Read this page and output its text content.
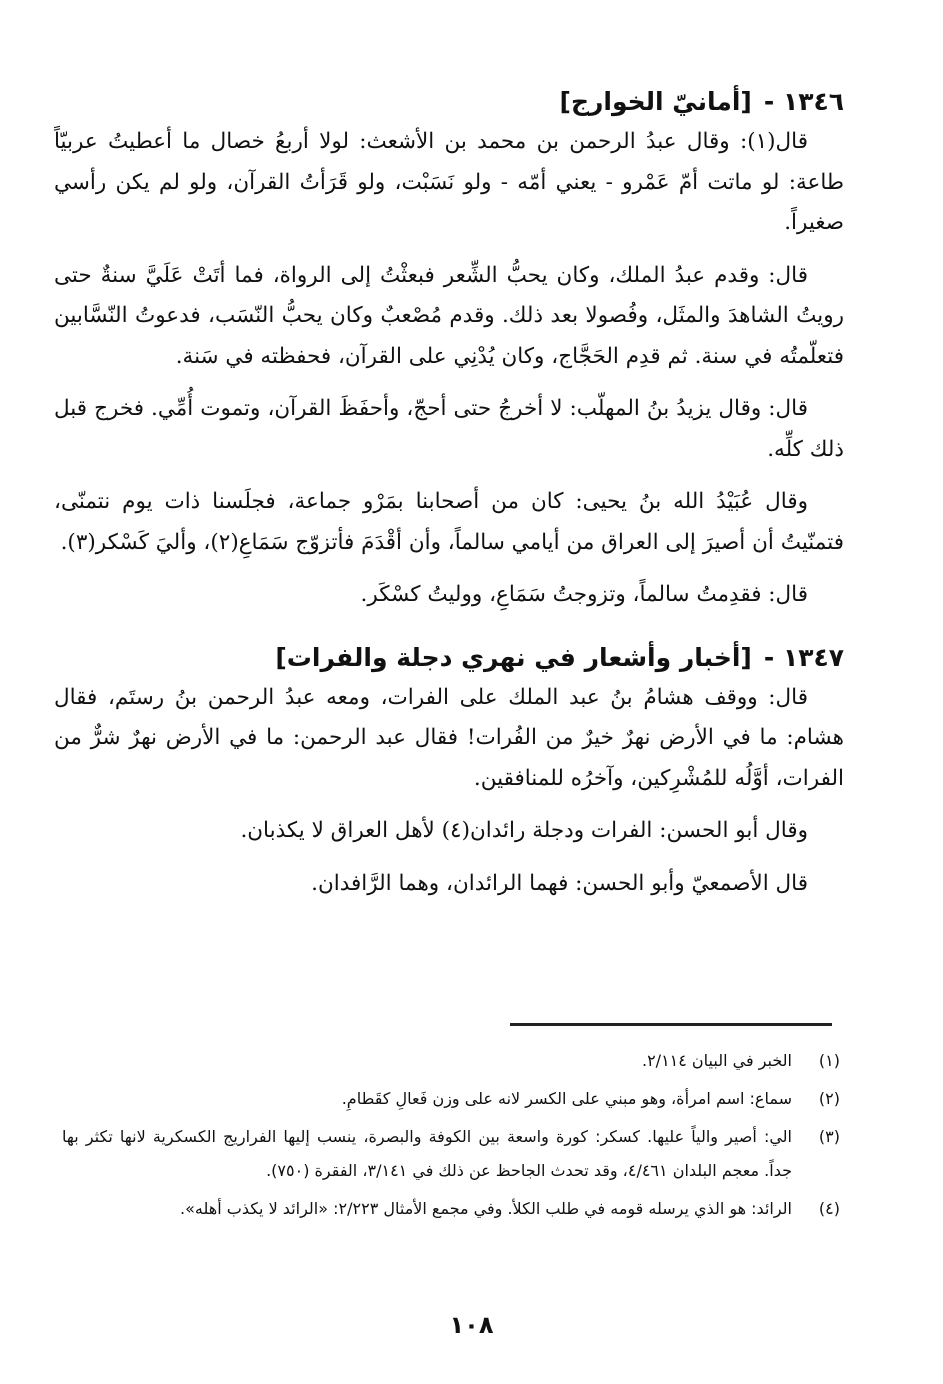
١٣٤٦ -[أمانيّ الخوارج]

قال(١): وقال عبدُ الرحمن بن محمد بن الأشعث: لولا أربعُ خصال ما أعطيتُ عربيّاً طاعة: لو ماتت أمّ عَمْرو - يعني أمّه - ولو نَسَبْت، ولو قَرَأتُ القرآن، ولو لم يكن رأسي صغيراً.

قال: وقدم عبدُ الملك، وكان يحبُّ الشِّعر فبعثْتُ إلى الرواة، فما أتَتْ عَلَيَّ سنةٌ حتى رويتُ الشاهدَ والمثَل، وفُصولا بعد ذلك. وقدم مُصْعبٌ وكان يحبُّ النّسَب، فدعوتُ النّسَّابين فتعلّمتُه في سنة. ثم قدِم الحَجَّاج، وكان يُدْنِي على القرآن، فحفظته في سَنة.

قال: وقال يزيدُ بنُ المهلّب: لا أخرجُ حتى أحجّ، وأحفَظَ القرآن، وتموت أُمِّي. فخرج قبل ذلك كلِّه.

وقال عُبَيْدُ الله بنُ يحيى: كان من أصحابنا بمَرْو جماعة، فجلَسنا ذات يوم نتمنّى، فتمنّيتُ أن أصيرَ إلى العراق من أيامي سالماً، وأن أقْدَمَ فأتزوّج سَمَاعِ(٢)، وأليَ كَسْكر(٣).

قال: فقدِمتُ سالماً، وتزوجتُ سَمَاعِ، ووليتُ كسْكَر.

١٣٤٧ -[أخبار وأشعار في نهري دجلة والفرات]

قال: ووقف هشامُ بنُ عبد الملك على الفرات، ومعه عبدُ الرحمن بنُ رستَم، فقال هشام: ما في الأرض نهرٌ خيرٌ من الفُرات! فقال عبد الرحمن: ما في الأرض نهرٌ شرٌّ من الفرات، أوَّلُه للمُشْرِكين، وآخرُه للمنافقين.

وقال أبو الحسن: الفرات ودجلة رائدان(٤) لأهل العراق لا يكذبان.

قال الأصمعيّ وأبو الحسن: فهما الرائدان، وهما الرَّافدان.

(١)
الخبر في البيان ٢/١١٤.
(٢)
سماع: اسم امرأة، وهو مبني على الكسر لانه على وزن فَعالِ كقَطامِ.
(٣)
الي: أصير والياً عليها. كسكر: كورة واسعة بين الكوفة والبصرة، ينسب إليها الفراريج الكسكرية لانها تكثر بها جداً. معجم البلدان ٤/٤٦١، وقد تحدث الجاحظ عن ذلك في ٣/١٤١، الفقرة (٧٥٠).
(٤)
الرائد: هو الذي يرسله قومه في طلب الكلأ. وفي مجمع الأمثال ٢/٢٢٣: «الرائد لا يكذب أهله».
١٠٨
